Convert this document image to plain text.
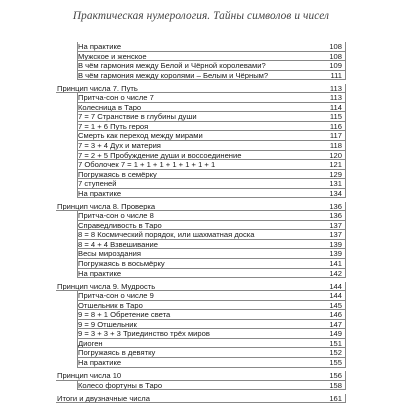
Практическая нумерология. Тайны символов и чисел
На практике	108
Мужское и женское	108
В чём гармония между Белой и Чёрной королевами?	109
В чём гармония между королями – Белым и Чёрным?	111
Принцип числа 7. Путь	113
Притча-сон о числе 7	113
Колесница в Таро	114
7 = 7 Странствие в глубины души	115
7 = 1 + 6 Путь героя	116
Смерть как переход между мирами	117
7 = 3 + 4 Дух и материя	118
7 = 2 + 5 Пробуждение души и воссоединение	120
7 Оболочек 7 = 1 + 1 + 1 + 1 + 1 + 1 + 1	121
Погружаясь в семёрку	129
7 ступеней	131
На практике	134
Принцип числа 8. Проверка	136
Притча-сон о числе 8	136
Справедливость в Таро	137
8 = 8 Космический порядок, или шахматная доска	137
8 = 4 + 4 Взвешивание	139
Весы мироздания	139
Погружаясь в восьмёрку	141
На практике	142
Принцип числа 9. Мудрость	144
Притча-сон о числе 9	144
Отшельник в Таро	145
9 = 8 + 1 Обретение света	146
9 = 9 Отшельник	147
9 = 3 + 3 + 3 Триединство трёх миров	149
Диоген	151
Погружаясь в девятку	152
На практике	155
Принцип числа 10	156
Колесо фортуны в Таро	158
Итоги и двузначные числа	161
